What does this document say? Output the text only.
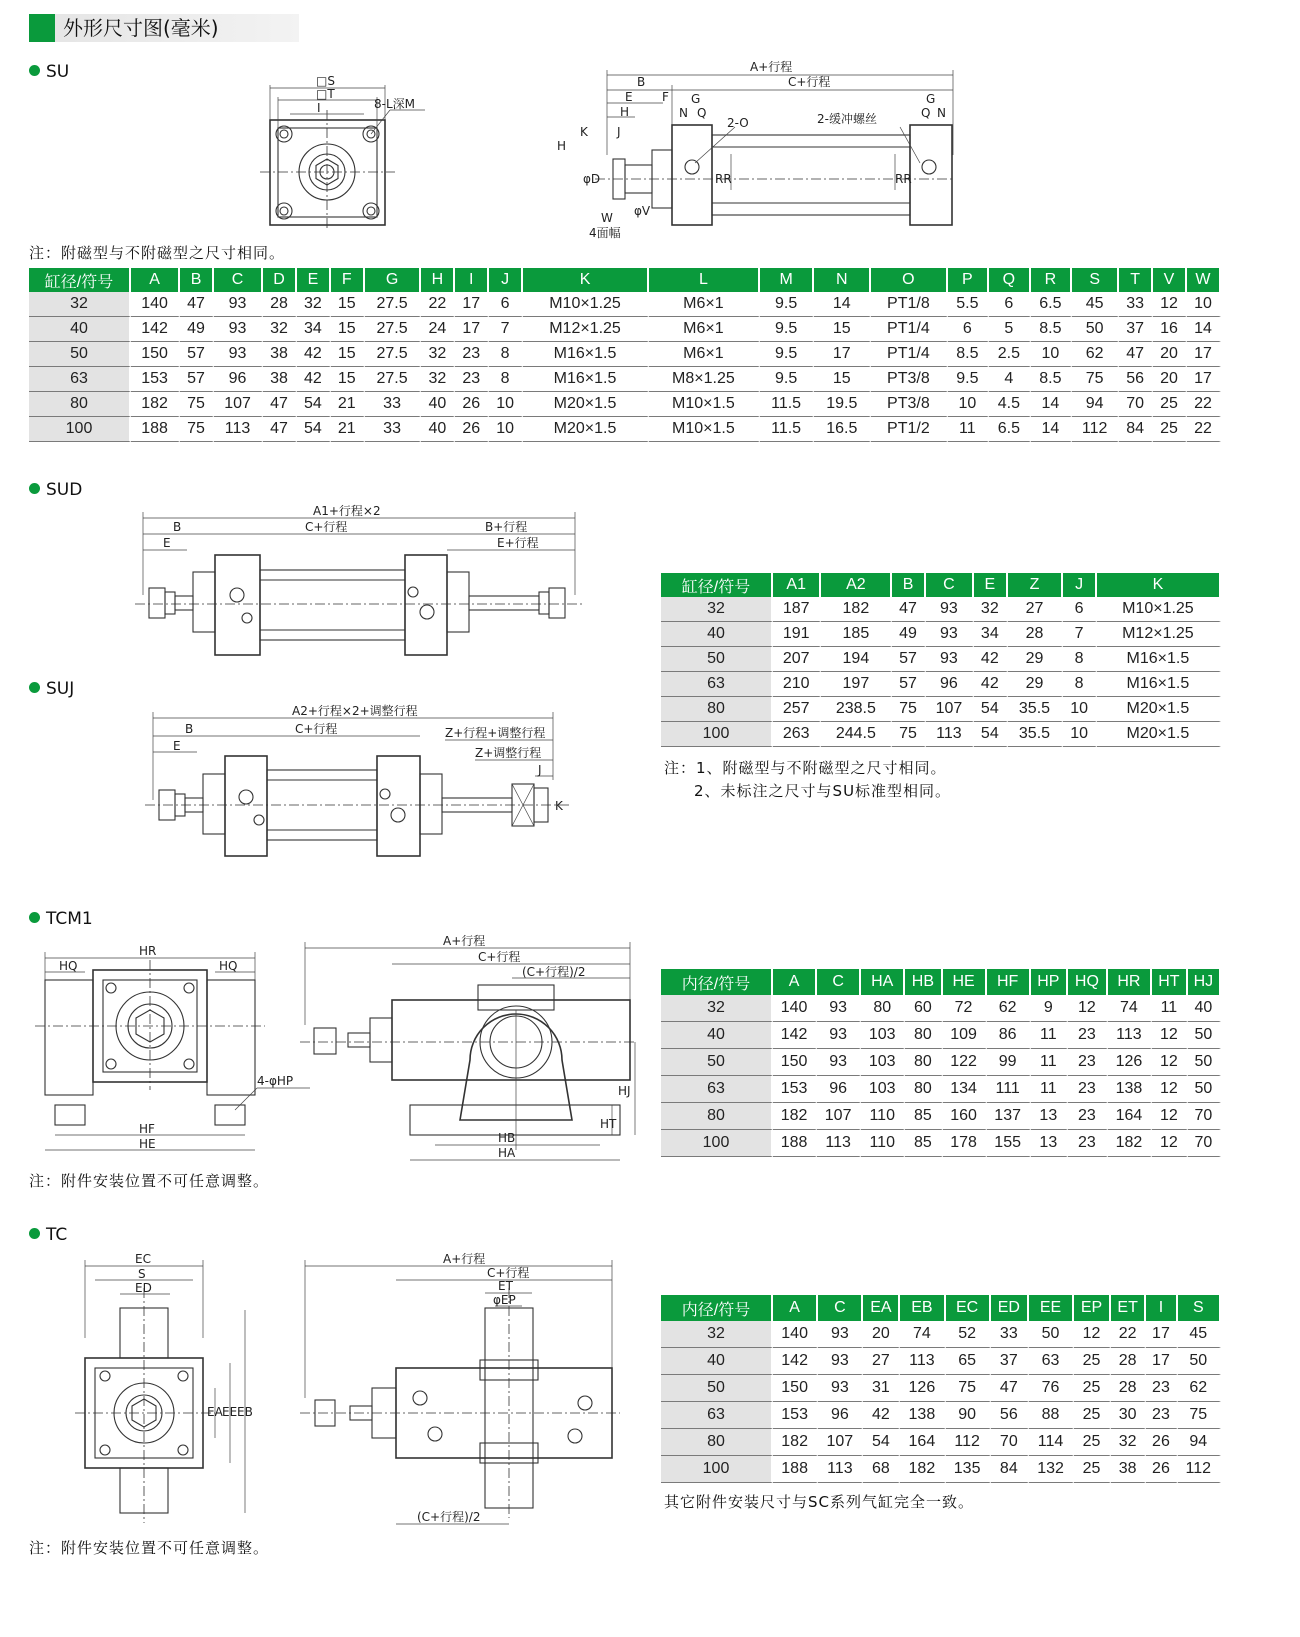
外形尺寸图(毫米)
SU	□S
□T
I	8-L深M
A+行程
C+行程
B
E F G	G
H	N Q	Q N
2-O	2-缓冲螺丝
K J
H
φD
φV
RR	RR
W
4面幅
注：附磁型与不附磁型之尺寸相同。
缸径/符号	A	B	C	D	E	F	G	H	I	J	K	L	M	N	O	P	Q	R	S	T	V	W
32	140	47	93	28	32	15	27.5	22	17	6	M10×1.25	M6×1	9.5	14	PT1/8	5.5	6	6.5	45	33	12	10
40	142	49	93	32	34	15	27.5	24	17	7	M12×1.25	M6×1	9.5	15	PT1/4	6	5	8.5	50	37	16	14
50	150	57	93	38	42	15	27.5	32	23	8	M16×1.5	M6×1	9.5	17	PT1/4	8.5	2.5	10	62	47	20	17
63	153	57	96	38	42	15	27.5	32	23	8	M16×1.5	M8×1.25	9.5	15	PT3/8	9.5	4	8.5	75	56	20	17
80	182	75	107	47	54	21	33	40	26	10	M20×1.5	M10×1.5	11.5	19.5	PT3/8	10	4.5	14	94	70	25	22
100	188	75	113	47	54	21	33	40	26	10	M20×1.5	M10×1.5	11.5	16.5	PT1/2	11	6.5	14	112	84	25	22
SUD
A1+行程×2
B	C+行程	B+行程
E	E+行程
缸径/符号	A1	A2	B	C	E	Z	J	K
32	187	182	47	93	32	27	6	M10×1.25
40	191	185	49	93	34	28	7	M12×1.25
50	207	194	57	93	42	29	8	M16×1.5
63	210	197	57	96	42	29	8	M16×1.5
80	257	238.5	75	107	54	35.5	10	M20×1.5
100	263	244.5	75	113	54	35.5	10	M20×1.5
注：1、附磁型与不附磁型之尺寸相同。
2、未标注之尺寸与SU标准型相同。
SUJ
A2+行程×2+调整行程
B	C+行程	Z+行程+调整行程
E	Z+调整行程
J
K
TCM1
HR
HQ	HQ
4-φHP
HF
HE
A+行程
C+行程
(C+行程)/2
HJ
HT
HB
HA
内径/符号	A	C	HA	HB	HE	HF	HP	HQ	HR	HT	HJ
32	140	93	80	60	72	62	9	12	74	11	40
40	142	93	103	80	109	86	11	23	113	12	50
50	150	93	103	80	122	99	11	23	126	12	50
63	153	96	103	80	134	111	11	23	138	12	50
80	182	107	110	85	160	137	13	23	164	12	70
100	188	113	110	85	178	155	13	23	182	12	70
注：附件安装位置不可任意调整。
TC
EC
S
ED
EA EE EB
A+行程
C+行程
ET
φEP
(C+行程)/2
内径/符号	A	C	EA	EB	EC	ED	EE	EP	ET	I	S
32	140	93	20	74	52	33	50	12	22	17	45
40	142	93	27	113	65	37	63	25	28	17	50
50	150	93	31	126	75	47	76	25	28	23	62
63	153	96	42	138	90	56	88	25	30	23	75
80	182	107	54	164	112	70	114	25	32	26	94
100	188	113	68	182	135	84	132	25	38	26	112
其它附件安装尺寸与SC系列气缸完全一致。
注：附件安装位置不可任意调整。
